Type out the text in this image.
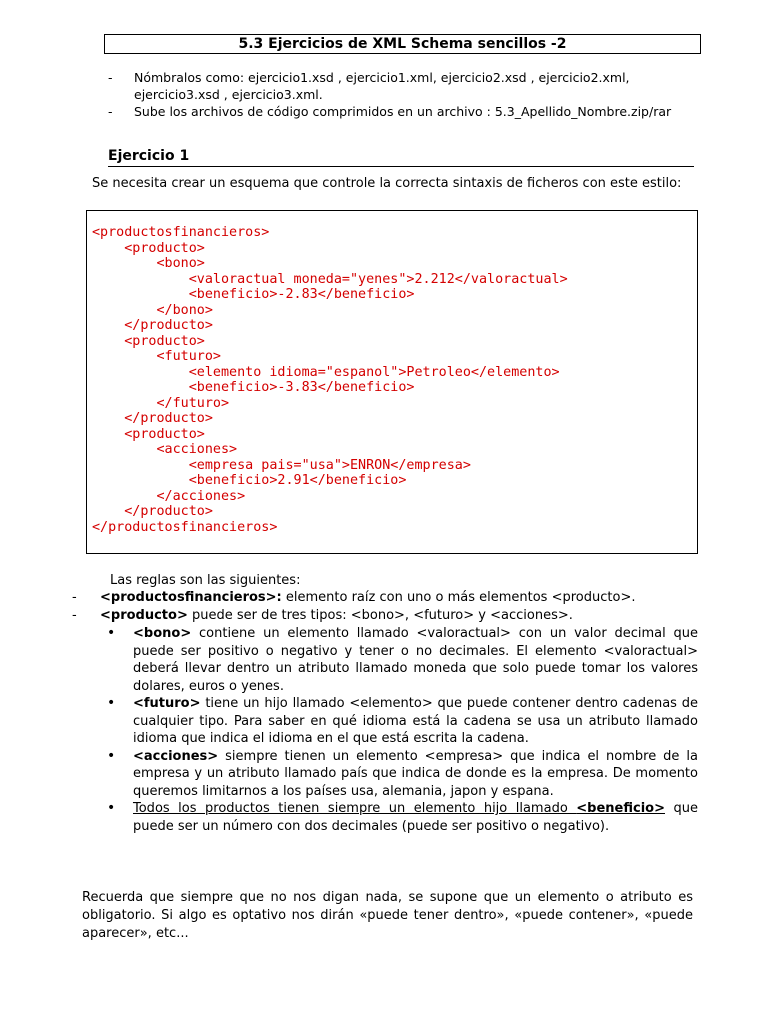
5.3 Ejercicios de XML Schema sencillos -2
- Nómbralos como: ejercicio1.xsd , ejercicio1.xml, ejercicio2.xsd , ejercicio2.xml, ejercicio3.xsd , ejercicio3.xml.
- Sube los archivos de código comprimidos en un archivo : 5.3_Apellido_Nombre.zip/rar
Ejercicio 1
Se necesita crear un esquema que controle la correcta sintaxis de ficheros con este estilo:
<productosfinancieros>
<producto>
<bono>
<valoractual moneda="yenes">2.212</valoractual>
<beneficio>-2.83</beneficio>
</bono>
</producto>
<producto>
<futuro>
<elemento idioma="espanol">Petroleo</elemento>
<beneficio>-3.83</beneficio>
</futuro>
</producto>
<producto>
<acciones>
<empresa pais="usa">ENRON</empresa>
<beneficio>2.91</beneficio>
</acciones>
</producto>
</productosfinancieros>
Las reglas son las siguientes:
- <productosfinancieros>: elemento raíz con uno o más elementos <producto>.
- <producto> puede ser de tres tipos: <bono>, <futuro> y <acciones>.
• <bono> contiene un elemento llamado <valoractual> con un valor decimal que puede ser positivo o negativo y tener o no decimales. El elemento <valoractual> deberá llevar dentro un atributo llamado moneda que solo puede tomar los valores dolares, euros o yenes.
• <futuro> tiene un hijo llamado <elemento> que puede contener dentro cadenas de cualquier tipo. Para saber en qué idioma está la cadena se usa un atributo llamado idioma que indica el idioma en el que está escrita la cadena.
• <acciones> siempre tienen un elemento <empresa> que indica el nombre de la empresa y un atributo llamado país que indica de donde es la empresa. De momento queremos limitarnos a los países usa, alemania, japon y espana.
• Todos los productos tienen siempre un elemento hijo llamado <beneficio> que puede ser un número con dos decimales (puede ser positivo o negativo).
Recuerda que siempre que no nos digan nada, se supone que un elemento o atributo es obligatorio. Si algo es optativo nos dirán «puede tener dentro», «puede contener», «puede aparecer», etc...
